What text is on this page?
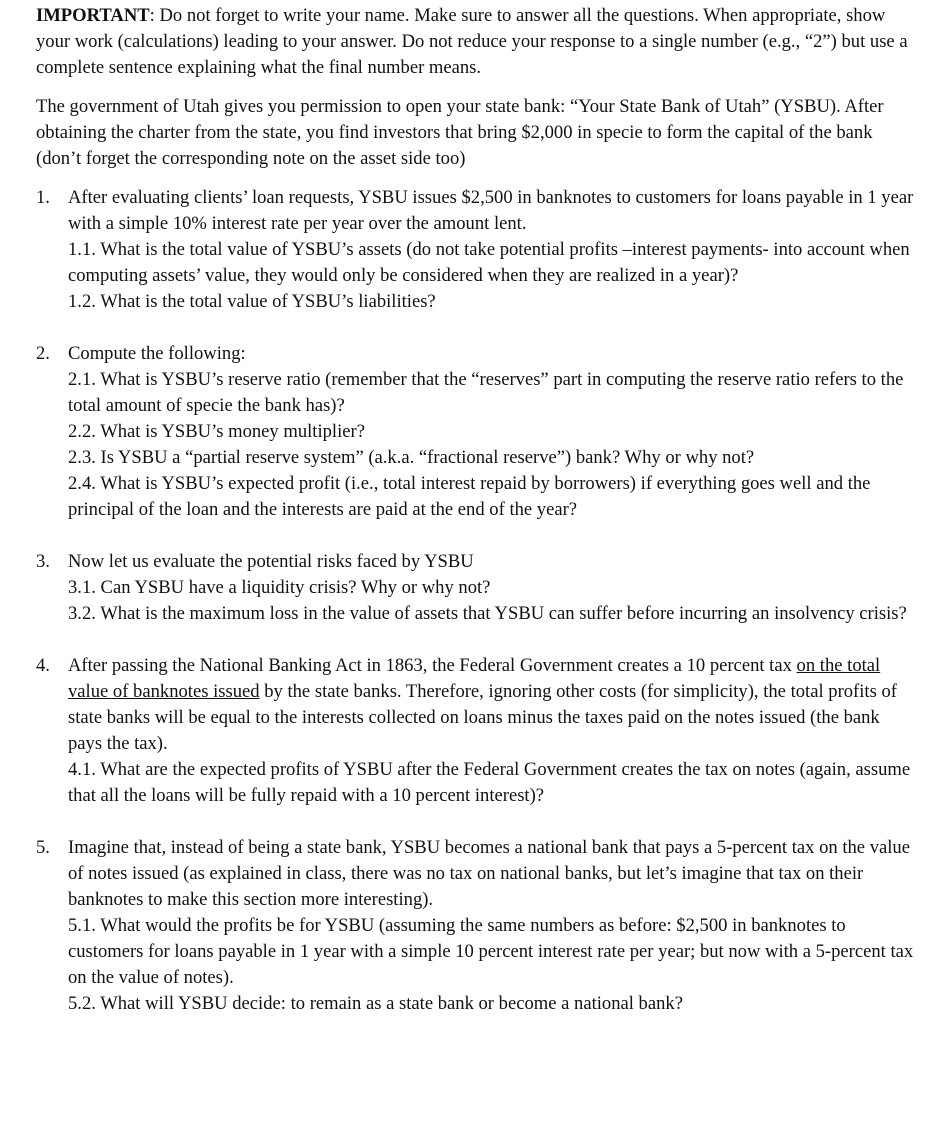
IMPORTANT: Do not forget to write your name. Make sure to answer all the questions. When appropriate, show your work (calculations) leading to your answer. Do not reduce your response to a single number (e.g., “2”) but use a complete sentence explaining what the final number means.

The government of Utah gives you permission to open your state bank: “Your State Bank of Utah” (YSBU). After obtaining the charter from the state, you find investors that bring $2,000 in specie to form the capital of the bank (don’t forget the corresponding note on the asset side too)

1. After evaluating clients’ loan requests, YSBU issues $2,500 in banknotes to customers for loans payable in 1 year with a simple 10% interest rate per year over the amount lent.
1.1. What is the total value of YSBU’s assets (do not take potential profits –interest payments- into account when computing assets’ value, they would only be considered when they are realized in a year)?
1.2. What is the total value of YSBU’s liabilities?
2. Compute the following:
2.1. What is YSBU’s reserve ratio (remember that the “reserves” part in computing the reserve ratio refers to the total amount of specie the bank has)?
2.2. What is YSBU’s money multiplier?
2.3. Is YSBU a “partial reserve system” (a.k.a. “fractional reserve”) bank? Why or why not?
2.4. What is YSBU’s expected profit (i.e., total interest repaid by borrowers) if everything goes well and the principal of the loan and the interests are paid at the end of the year?
3. Now let us evaluate the potential risks faced by YSBU
3.1. Can YSBU have a liquidity crisis? Why or why not?
3.2. What is the maximum loss in the value of assets that YSBU can suffer before incurring an insolvency crisis?
4. After passing the National Banking Act in 1863, the Federal Government creates a 10 percent tax on the total value of banknotes issued by the state banks. Therefore, ignoring other costs (for simplicity), the total profits of state banks will be equal to the interests collected on loans minus the taxes paid on the notes issued (the bank pays the tax).
4.1. What are the expected profits of YSBU after the Federal Government creates the tax on notes (again, assume that all the loans will be fully repaid with a 10 percent interest)?
5. Imagine that, instead of being a state bank, YSBU becomes a national bank that pays a 5-percent tax on the value of notes issued (as explained in class, there was no tax on national banks, but let’s imagine that tax on their banknotes to make this section more interesting).
5.1. What would the profits be for YSBU (assuming the same numbers as before: $2,500 in banknotes to customers for loans payable in 1 year with a simple 10 percent interest rate per year; but now with a 5-percent tax on the value of notes).
5.2. What will YSBU decide: to remain as a state bank or become a national bank?
